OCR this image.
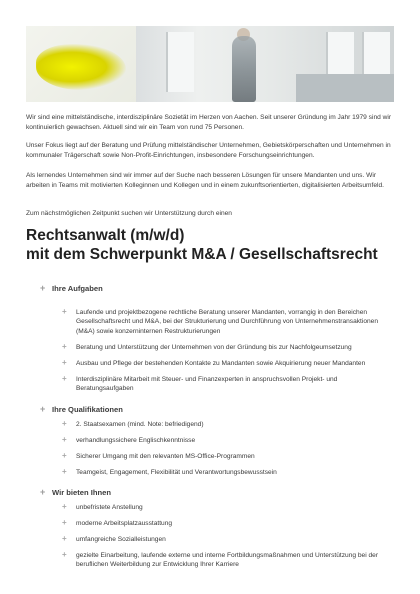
Wir sind eine mittelständische, interdisziplinäre Sozietät im Herzen von Aachen. Seit unserer Gründung im Jahr 1979 sind wir kontinuierlich gewachsen. Aktuell sind wir ein Team von rund 75 Personen.

Unser Fokus liegt auf der Beratung und Prüfung mittelständischer Unternehmen, Gebietskörperschaften und Unternehmen in kommunaler Trägerschaft sowie Non-Profit-Einrichtungen, insbesondere Forschungseinrichtungen.

Als lernendes Unternehmen sind wir immer auf der Suche nach besseren Lösungen für unsere Mandanten und uns. Wir arbeiten in Teams mit motivierten Kolleginnen und Kollegen und in einem zukunftsorientierten, digitalisierten Arbeitsumfeld.

Zum nächstmöglichen Zeitpunkt suchen wir Unterstützung durch einen

Rechtsanwalt (m/w/d)
mit dem Schwerpunkt M&A / Gesellschaftsrecht
+ Ihre Aufgaben
+ Laufende und projektbezogene rechtliche Beratung unserer Mandanten, vorrangig in den Bereichen Gesellschaftsrecht und M&A, bei der Strukturierung und Durchführung von Unternehmenstransaktionen (M&A) sowie konzerninternen Restrukturierungen
+ Beratung und Unterstützung der Unternehmen von der Gründung bis zur Nachfolgeumsetzung
+ Ausbau und Pflege der bestehenden Kontakte zu Mandanten sowie Akquirierung neuer Mandanten
+ Interdisziplinäre Mitarbeit mit Steuer- und Finanzexperten in anspruchsvollen Projekt- und Beratungsaufgaben
+ Ihre Qualifikationen
+ 2. Staatsexamen (mind. Note: befriedigend)
+ verhandlungssichere Englischkenntnisse
+ Sicherer Umgang mit den relevanten MS-Office-Programmen
+ Teamgeist, Engagement, Flexibilität und Verantwortungsbewusstsein
+ Wir bieten Ihnen
+ unbefristete Anstellung
+ moderne Arbeitsplatzausstattung
+ umfangreiche Sozialleistungen
+ gezielte Einarbeitung, laufende externe und interne Fortbildungsmaßnahmen und Unterstützung bei der beruflichen Weiterbildung zur Entwicklung Ihrer Karriere
